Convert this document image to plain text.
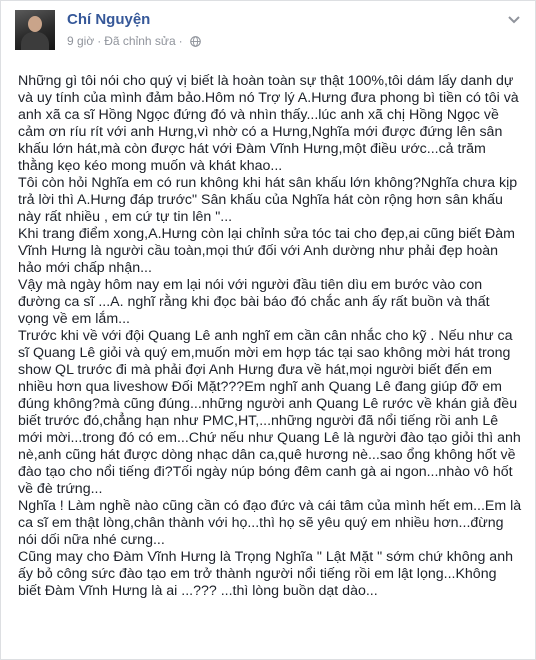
Chí Nguyện
9 giờ · Đã chỉnh sửa ·

Những gì tôi nói cho quý vị biết là hoàn toàn sự thật 100%,tôi dám lấy danh dự và uy tính của mình đảm bảo.Hôm nó Trợ lý A.Hưng đưa phong bì tiền có tôi và anh xã ca sĩ Hồng Ngọc đứng đó và nhìn thấy...lúc anh xã chị Hồng Ngọc về cảm ơn ríu rít với anh Hưng,vì nhờ có a Hưng,Nghĩa mới được đứng lên sân khấu lớn hát,mà còn được hát với Đàm Vĩnh Hưng,một điều ước...cả trăm thằng kẹo kéo mong muốn và khát khao...

Tôi còn hỏi Nghĩa em có run không khi hát sân khấu lớn không?Nghĩa chưa kịp trả lời thì A.Hưng đáp trước" Sân khấu của Nghĩa hát còn rộng hơn sân khấu này rất nhiều , em cứ tự tin lên "...

Khi trang điểm xong,A.Hưng còn lại chỉnh sửa tóc tai cho đẹp,ai cũng biết Đàm Vĩnh Hưng là người cầu toàn,mọi thứ đối với Anh dường như phải đẹp hoàn hảo mới chấp nhận...

Vậy mà ngày hôm nay em lại nói với người đầu tiên dìu em bước vào con đường ca sĩ ...A. nghĩ rằng khi đọc bài báo đó chắc anh ấy rất buồn và thất vọng về em lắm...

Trước khi về với đội Quang Lê anh nghĩ em cần cân nhắc cho kỹ . Nếu như ca sĩ Quang Lê giỏi và quý em,muốn mời em hợp tác tại sao không mời hát trong show QL trước đi mà phải đợi Anh Hưng đưa về hát,mọi người biết đến em nhiều hơn qua liveshow Đối Mặt???Em nghĩ anh Quang Lê đang giúp đỡ em đúng không?mà cũng đúng...những người anh Quang Lê rước về khán giả đều biết trước đó,chẳng hạn như PMC,HT,...những người đã nổi tiếng rồi anh Lê mới mời...trong đó có em...Chứ nếu như Quang Lê là người đào tạo giỏi thì anh nè,anh cũng hát được dòng nhạc dân ca,quê hương nè...sao ổng không hốt về đào tạo cho nổi tiếng đi?Tối ngày núp bóng đêm canh gà ai ngon...nhào vô hốt về đè trứng...

Nghĩa ! Làm nghề nào cũng cần có đạo đức và cái tâm của mình hết em...Em là ca sĩ em thật lòng,chân thành với họ...thì họ sẽ yêu quý em nhiều hơn...đừng nói dối nữa nhé cưng...

Cũng may cho Đàm Vĩnh Hưng là Trọng Nghĩa " Lật Mặt " sớm chứ không anh ấy bỏ công sức đào tạo em trở thành người nổi tiếng rồi em lật lọng...Không biết Đàm Vĩnh Hưng là ai ...??? ...thì lòng buồn dạt dào...
